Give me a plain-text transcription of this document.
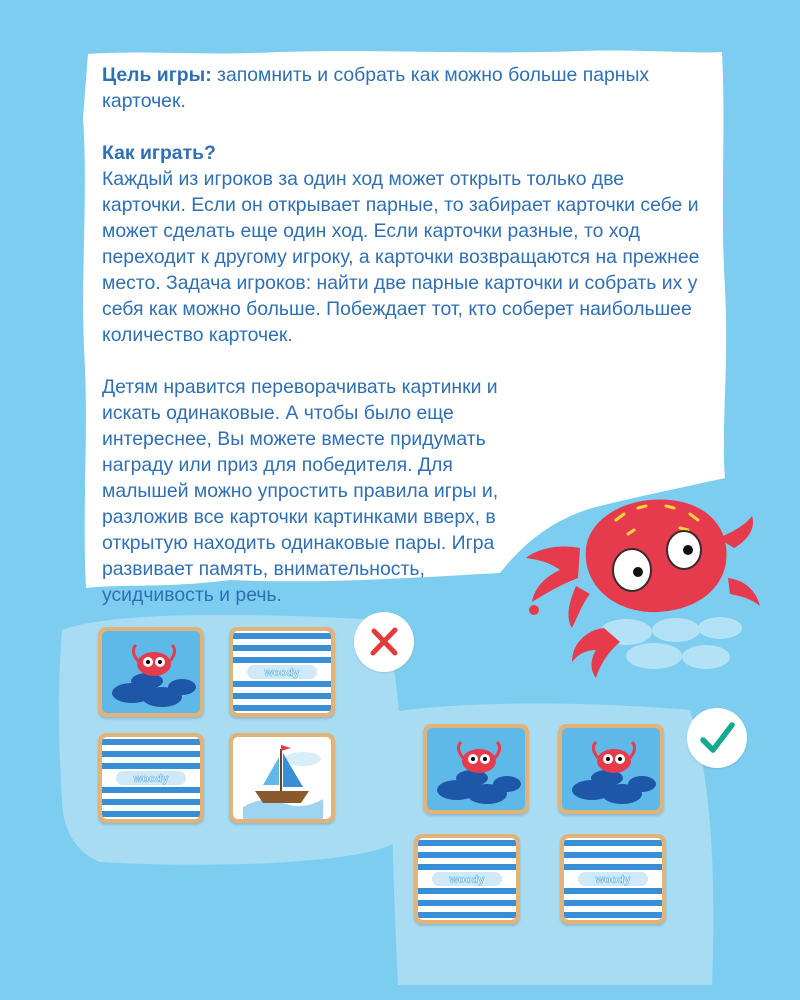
Цель игры: запомнить и собрать как можно больше парных карточек.

Как играть?
Каждый из игроков за один ход может открыть только две карточки. Если он открывает парные, то забирает карточки себе и может сделать еще один ход. Если карточки разные, то ход переходит к другому игроку, а карточки возвращаются на прежнее место. Задача игроков: найти две парные карточки и собрать их у себя как можно больше. Побеждает тот, кто соберет наибольшее количество карточек.

Детям нравится переворачивать картинки и искать одинаковые. А чтобы было еще интереснее, Вы можете вместе придумать награду или приз для победителя. Для малышей можно упростить правила игры и, разложив все карточки картинками вверх, в открытую находить одинаковые пары. Игра развивает память, внимательность, усидчивость и речь.

woody
woody
woody	woody
